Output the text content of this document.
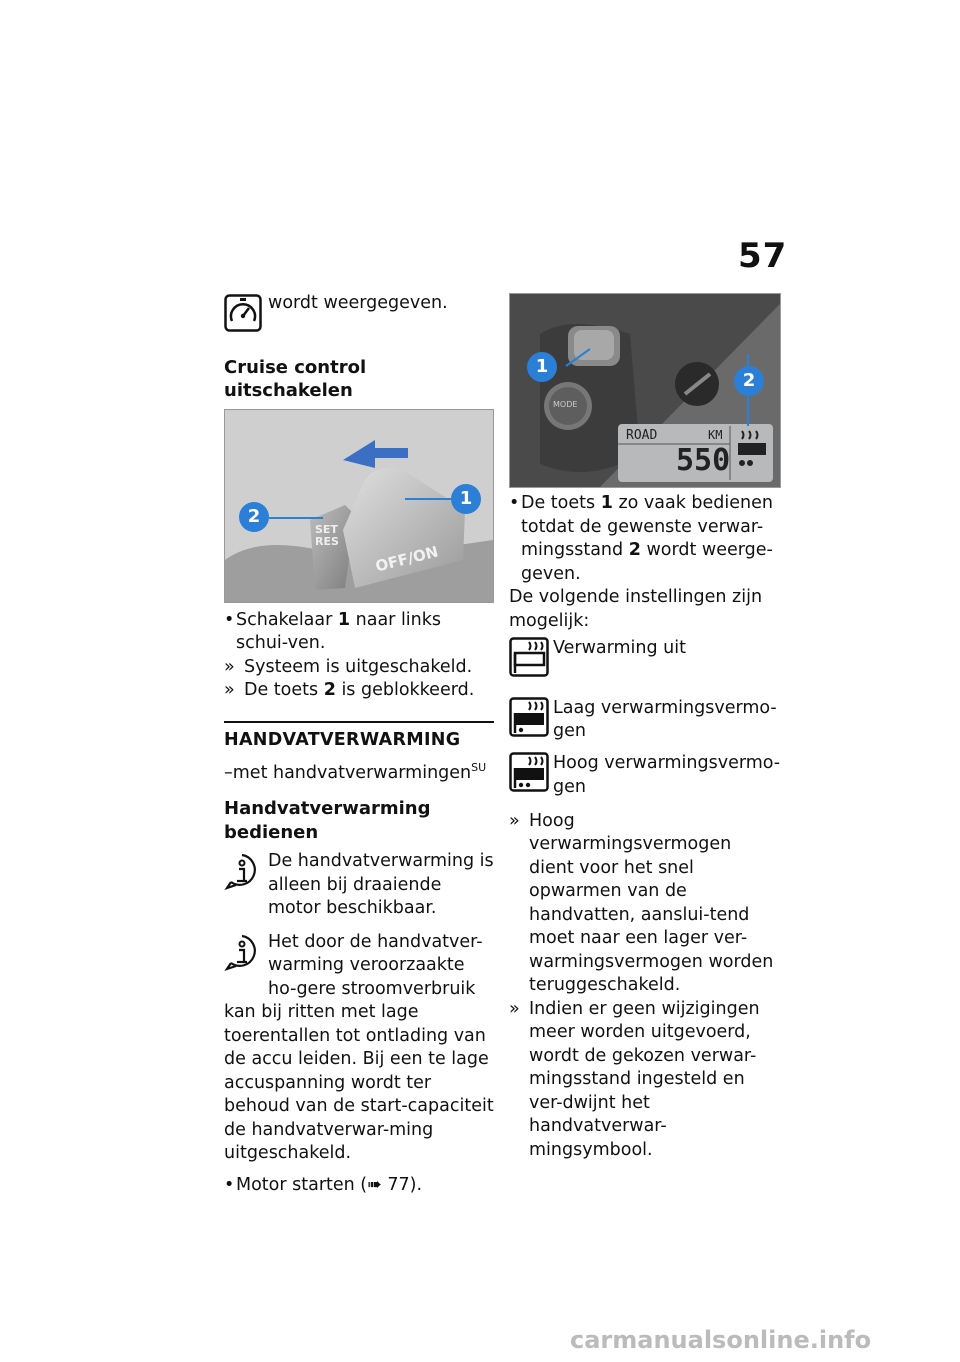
57

wordt weergegeven.

Cruise control uitschakelen

1
2
SET RES
OFF/ON
• Schakelaar 1 naar links schui-ven.
» Systeem is uitgeschakeld.
» De toets 2 is geblokkeerd.

HANDVATVERWARMING

–met handvatverwarmingen$^{SU}$

Handvatverwarming bedienen

De handvatverwarming is alleen bij draaiende motor beschikbaar.

Het door de handvatver-warming veroorzaakte ho-gere stroomverbruik kan bij ritten met lage toerentallen tot ontlading van de accu leiden. Bij een te lage accuspanning wordt ter behoud van de start-capaciteit de handvatverwar-ming uitgeschakeld.

• Motor starten (➠ 77).
1
2
MODE
ROAD	KM
550
• De toets 1 zo vaak bedienen totdat de gewenste verwar-mingsstand 2 wordt weerge-geven.

De volgende instellingen zijn mogelijk:

Verwarming uit
Laag verwarmingsvermo-gen
Hoog verwarmingsvermo-gen
» Hoog verwarmingsvermogen dient voor het snel opwarmen van de handvatten, aanslui-tend moet naar een lager ver-warmingsvermogen worden teruggeschakeld.
» Indien er geen wijzigingen meer worden uitgevoerd, wordt de gekozen verwar-mingsstand ingesteld en ver-dwijnt het handvatverwar-mingsymbool.
carmanualsonline.info
